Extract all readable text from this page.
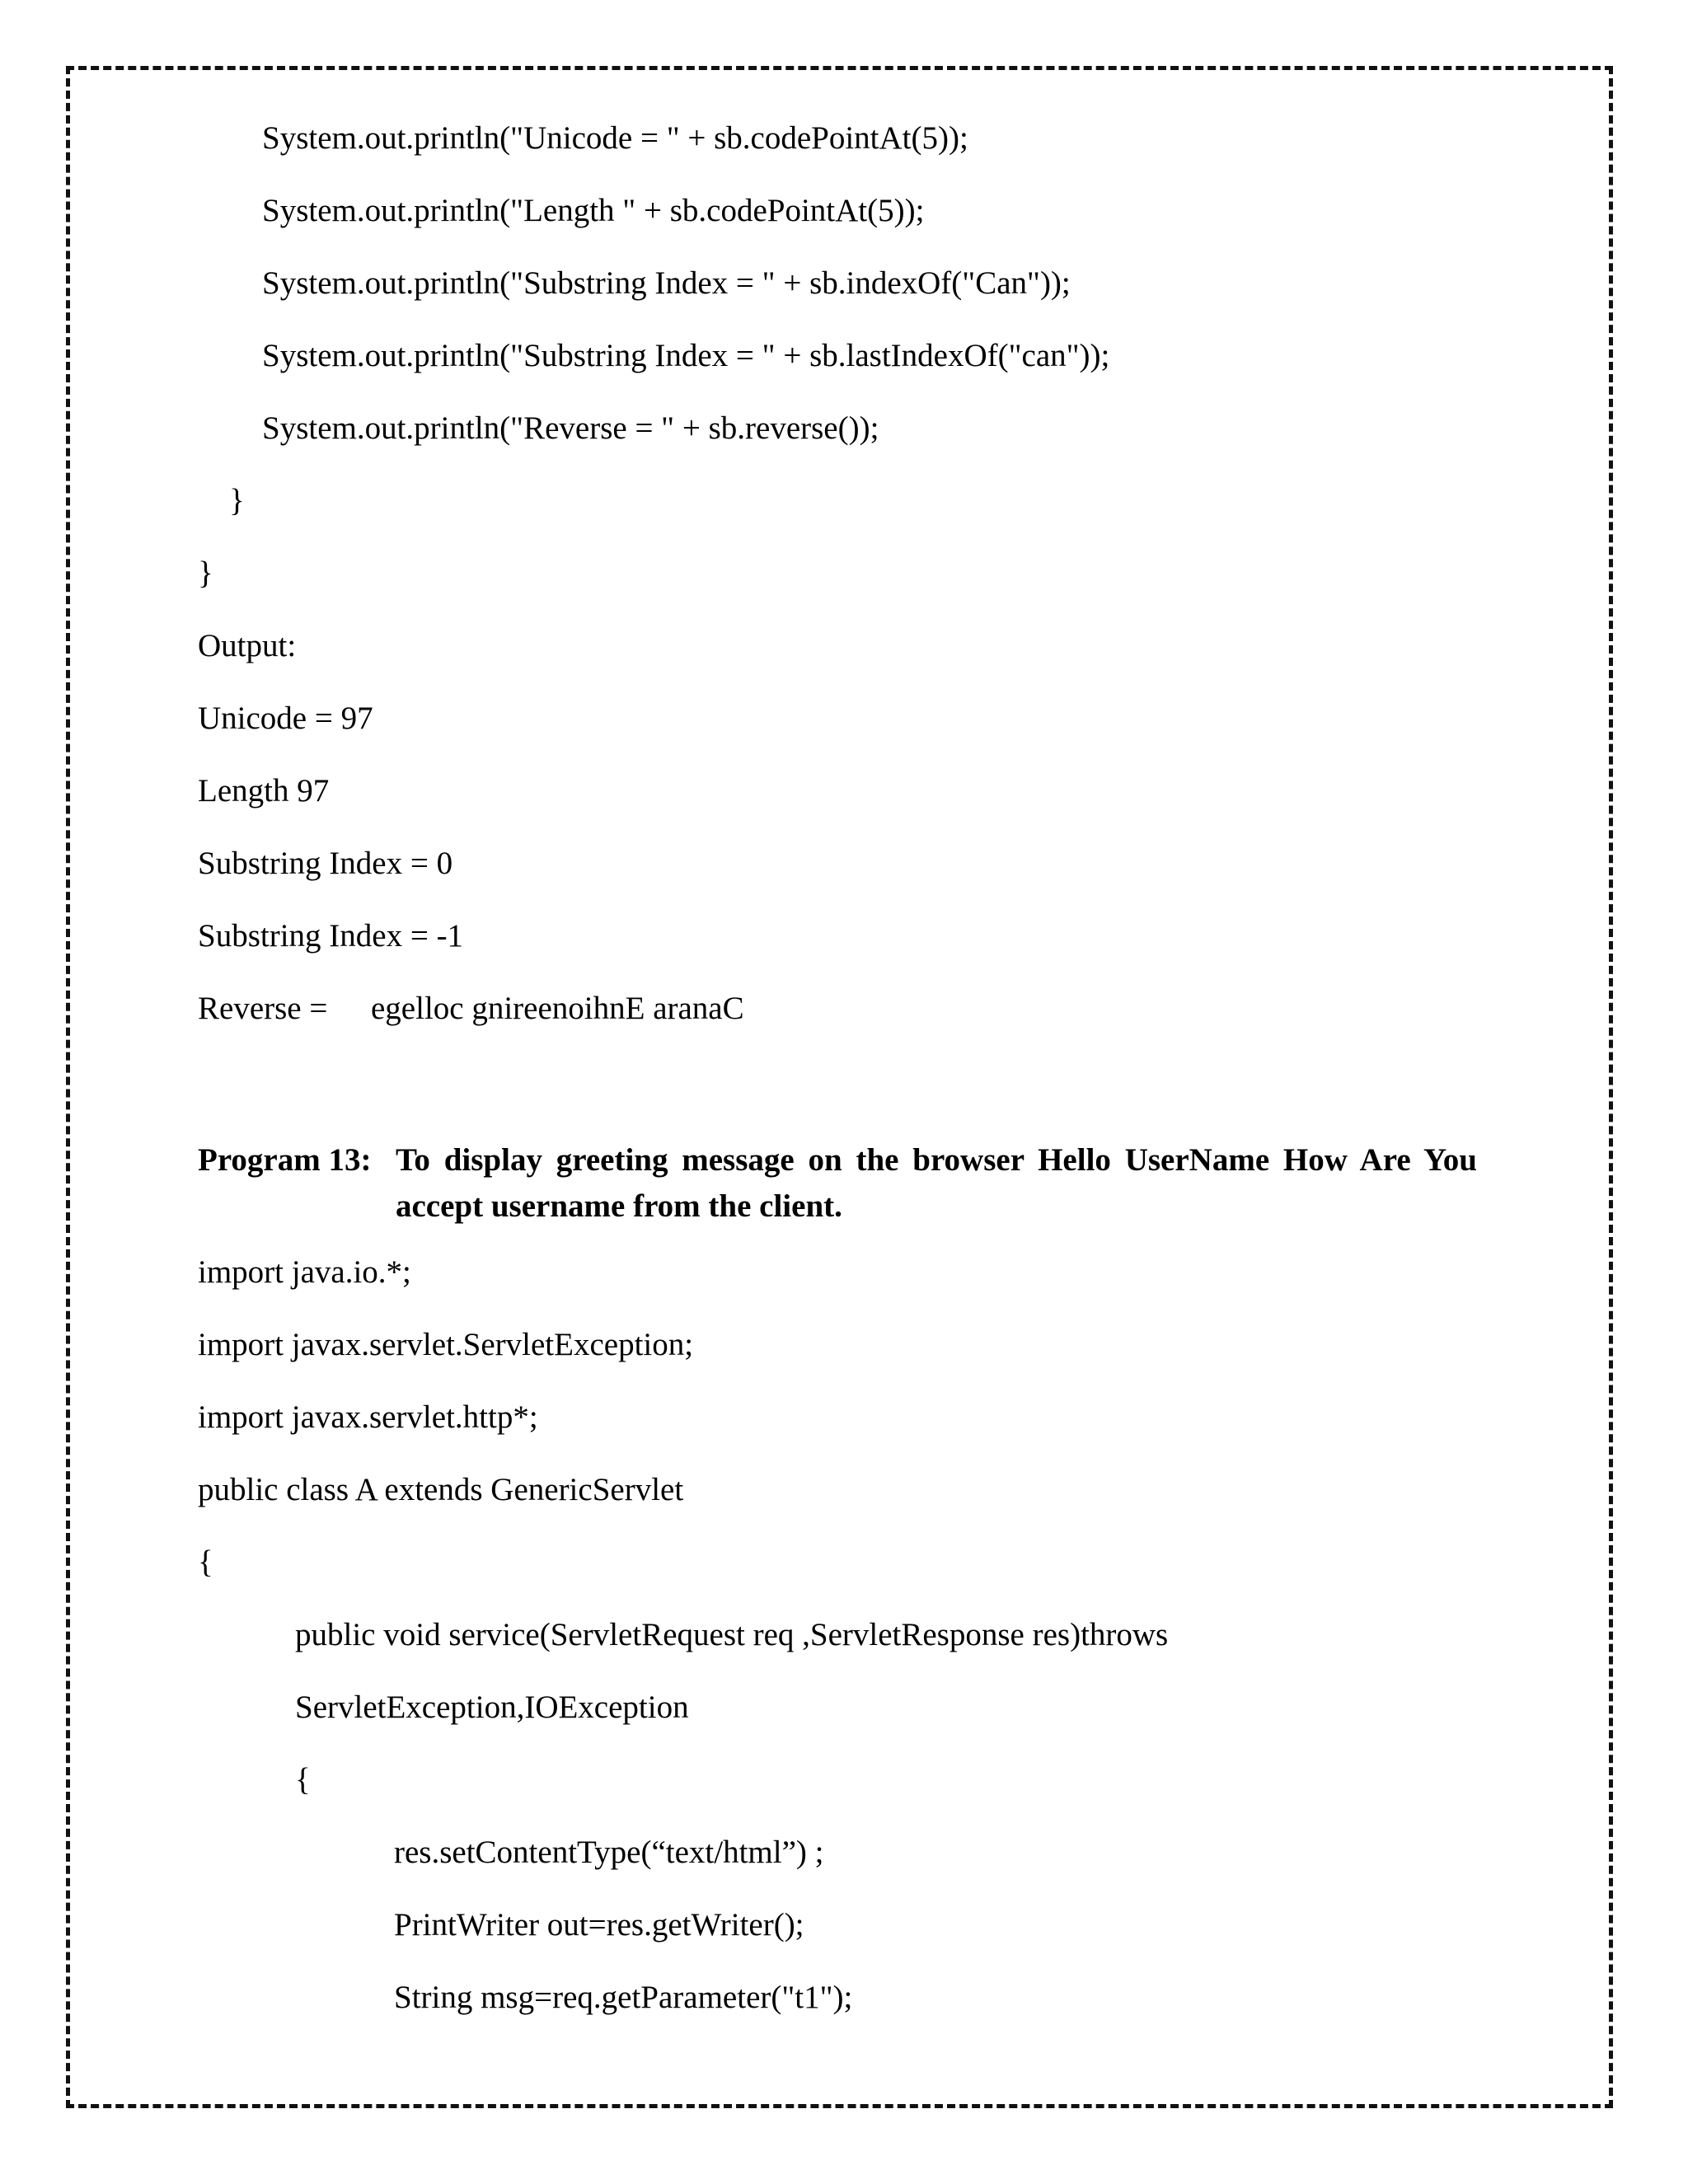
System.out.println("Unicode = " + sb.codePointAt(5));
System.out.println("Length " + sb.codePointAt(5));
System.out.println("Substring Index = " + sb.indexOf("Can"));
System.out.println("Substring Index = " + sb.lastIndexOf("can"));
System.out.println("Reverse = " + sb.reverse());
}
}
Output:
Unicode = 97
Length 97
Substring Index = 0
Substring Index = -1
Reverse = egelloc gnireenoihnE aranaC
Program 13: To display greeting message on the browser Hello UserName How Are You
accept username from the client.
import java.io.*;
import javax.servlet.ServletException;
import javax.servlet.http*;
public class A extends GenericServlet
{
public void service(ServletRequest req ,ServletResponse res)throws
ServletException,IOException
{
res.setContentType(“text/html”) ;
PrintWriter out=res.getWriter();
String msg=req.getParameter("t1");
